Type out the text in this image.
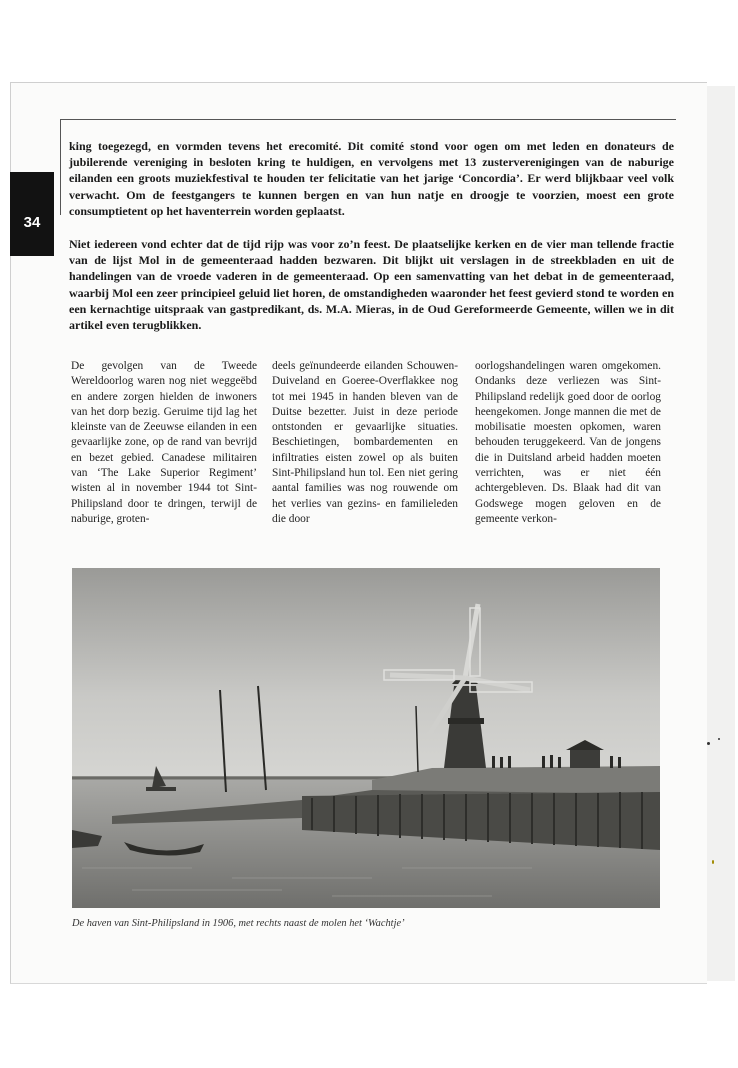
34

king toegezegd, en vormden tevens het erecomité. Dit comité stond voor ogen om met leden en donateurs de jubilerende vereniging in besloten kring te huldigen, en vervolgens met 13 zusterverenigingen van de naburige eilanden een groots muziekfestival te houden ter felicitatie van het jarige ‘Concordia’. Er werd blijkbaar veel volk verwacht. Om de feestgangers te kunnen bergen en van hun natje en droogje te voorzien, moest een grote consumptietent op het haventerrein worden geplaatst.

Niet iedereen vond echter dat de tijd rijp was voor zo’n feest. De plaatselijke kerken en de vier man tellende fractie van de lijst Mol in de gemeenteraad hadden bezwaren. Dit blijkt uit verslagen in de streekbladen en uit de handelingen van de vroede vaderen in de gemeenteraad. Op een samenvatting van het debat in de gemeenteraad, waarbij Mol een zeer principieel geluid liet horen, de omstandigheden waaronder het feest gevierd stond te worden en een kernachtige uitspraak van gastpredikant, ds. M.A. Mieras, in de Oud Gereformeerde Gemeente, willen we in dit artikel even terugblikken.

De gevolgen van de Tweede Wereldoorlog waren nog niet weggeëbd en andere zorgen hielden de inwoners van het dorp bezig. Geruime tijd lag het kleinste van de Zeeuwse eilanden in een gevaarlijke zone, op de rand van bevrijd en bezet gebied. Canadese militairen van ‘The Lake Superior Regiment’ wisten al in november 1944 tot Sint-Philipsland door te dringen, terwijl de naburige, groten-

deels geïnundeerde eilanden Schouwen-Duiveland en Goeree-Overflakkee nog tot mei 1945 in handen bleven van de Duitse bezetter. Juist in deze periode ontstonden er gevaarlijke situaties. Beschietingen, bombardementen en infiltraties eisten zowel op als buiten Sint-Philipsland hun tol. Een niet gering aantal families was nog rouwende om het verlies van gezins- en familieleden die door

oorlogshandelingen waren omgekomen. Ondanks deze verliezen was Sint-Philipsland redelijk goed door de oorlog heengekomen. Jonge mannen die met de mobilisatie moesten opkomen, waren behouden teruggekeerd. Van de jongens die in Duitsland arbeid hadden moeten verrichten, was er niet één achtergebleven. Ds. Blaak had dit van Godswege mogen geloven en de gemeente verkon-

De haven van Sint-Philipsland in 1906, met rechts naast de molen het ‘Wachtje’
